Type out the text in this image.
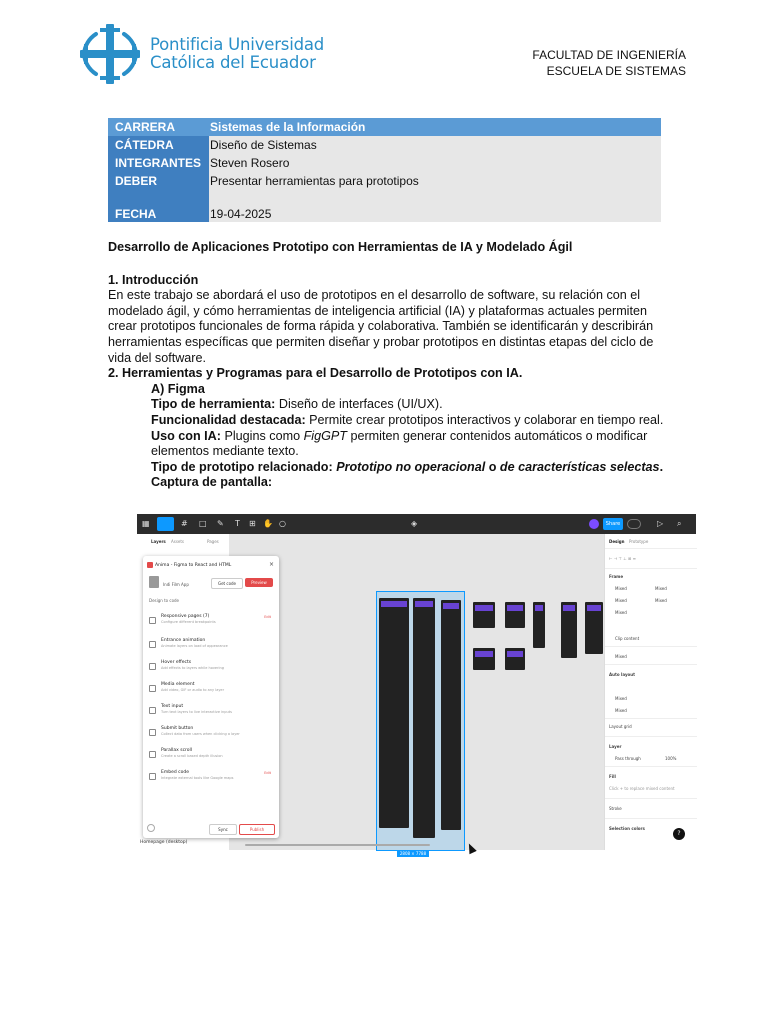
Pontificia Universidad
Católica del Ecuador	FACULTAD DE INGENIERÍA
ESCUELA DE SISTEMAS
CARRERA	Sistemas de la Información
CÁTEDRA	Diseño de Sistemas
INTEGRANTES Steven Rosero
DEBER	Presentar herramientas para prototipos
FECHA	19-04-2025

Desarrollo de Aplicaciones Prototipo con Herramientas de IA y Modelado Ágil

1. Introducción

En este trabajo se abordará el uso de prototipos en el desarrollo de software, su relación con el modelado ágil, y cómo herramientas de inteligencia artificial (IA) y plataformas actuales permiten crear prototipos funcionales de forma rápida y colaborativa. También se identificarán y describirán herramientas específicas que permiten diseñar y probar prototipos en distintas etapas del ciclo de vida del software.

2. Herramientas y Programas para el Desarrollo de Prototipos con IA.

A) Figma

Tipo de herramienta: Diseño de interfaces (UI/UX).

Funcionalidad destacada: Permite crear prototipos interactivos y colaborar en tiempo real.

Uso con IA: Plugins como FigGPT permiten generar contenidos automáticos o modificar elementos mediante texto.

Tipo de prototipo relacionado: Prototipo no operacional o de características selectas.

Captura de pantalla:

▦	# □ ✎ T ⊞ ✋ ○	◈	Share	▷ ⌕
Layers Assets	Pages
2808 × 7788
Anima - Figma to React and HTML	×
Indi Film App	Get code	Preview
Design to code
Responsive pages (7)
Configure different breakpoints
Edit
Entrance animation
Animate layers on load of appearance
Hover effects
Add effects to layers while hovering
Media element
Add video, GIF or audio to any layer
Text input
Turn text layers to live interactive inputs
Submit button
Collect data from users when clicking a layer
Parallax scroll
Create a scroll based depth illusion
Embed code
Integrate external tools like Google maps
Edit
Sync	Publish
Design Prototype
⊢ ⊣ ⊤ ⊥ ⊞ ≡
Frame
Mixed	Mixed
Mixed	Mixed
Mixed
Clip content
Mixed
Auto layout
Mixed
Mixed
Layout grid
Layer
Pass through	100%
Fill
Click + to replace mixed content
Stroke
Selection colors
?
Homepage (desktop)
